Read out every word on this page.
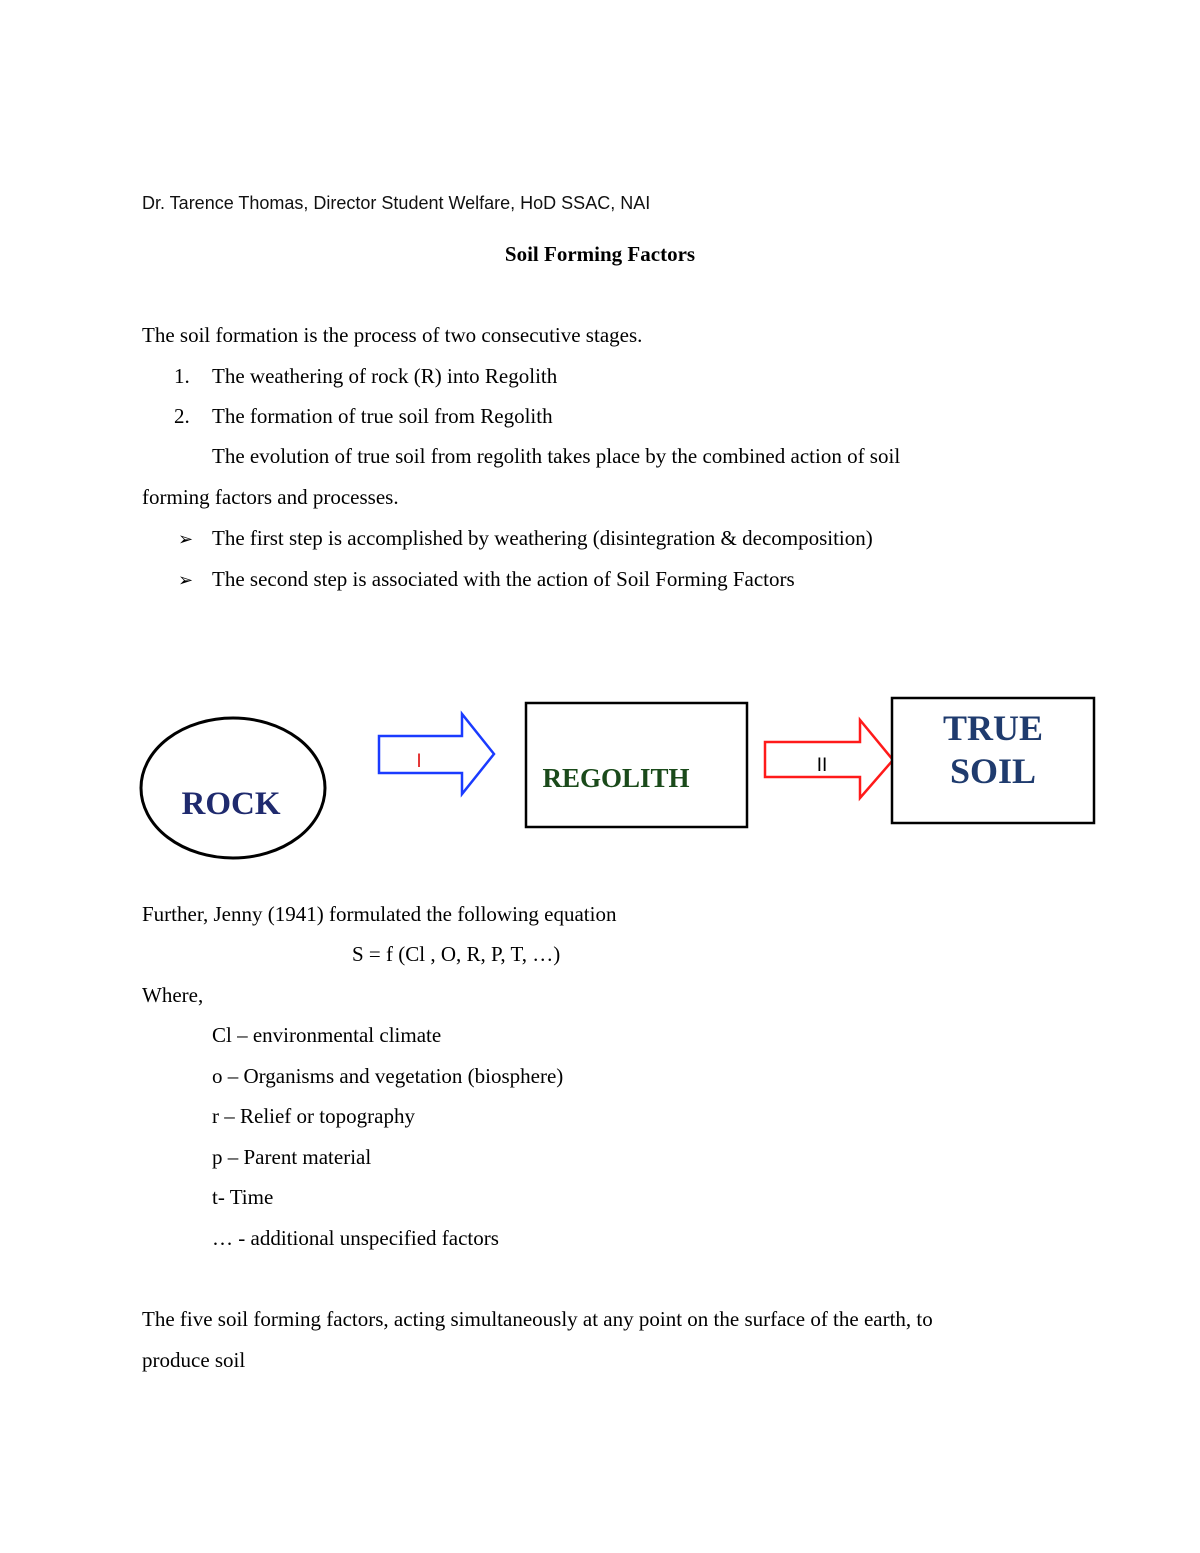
Dr. Tarence Thomas, Director Student Welfare, HoD SSAC, NAI
Soil Forming Factors
The soil formation is the process of two consecutive stages.
1. The weathering of rock (R) into Regolith
2. The formation of true soil from Regolith
The evolution of true soil from regolith takes place by the combined action of soil
forming factors and processes.
➢ The first step is accomplished by weathering (disintegration & decomposition)
➢ The second step is associated with the action of Soil Forming Factors
ROCK
I
REGOLITH	II
TRUE
SOIL
Further, Jenny (1941) formulated the following equation
S = f (Cl , O, R, P, T, …)
Where,
Cl – environmental climate
o – Organisms and vegetation (biosphere)
r – Relief or topography
p – Parent material
t- Time
… - additional unspecified factors
The five soil forming factors, acting simultaneously at any point on the surface of the earth, to
produce soil
